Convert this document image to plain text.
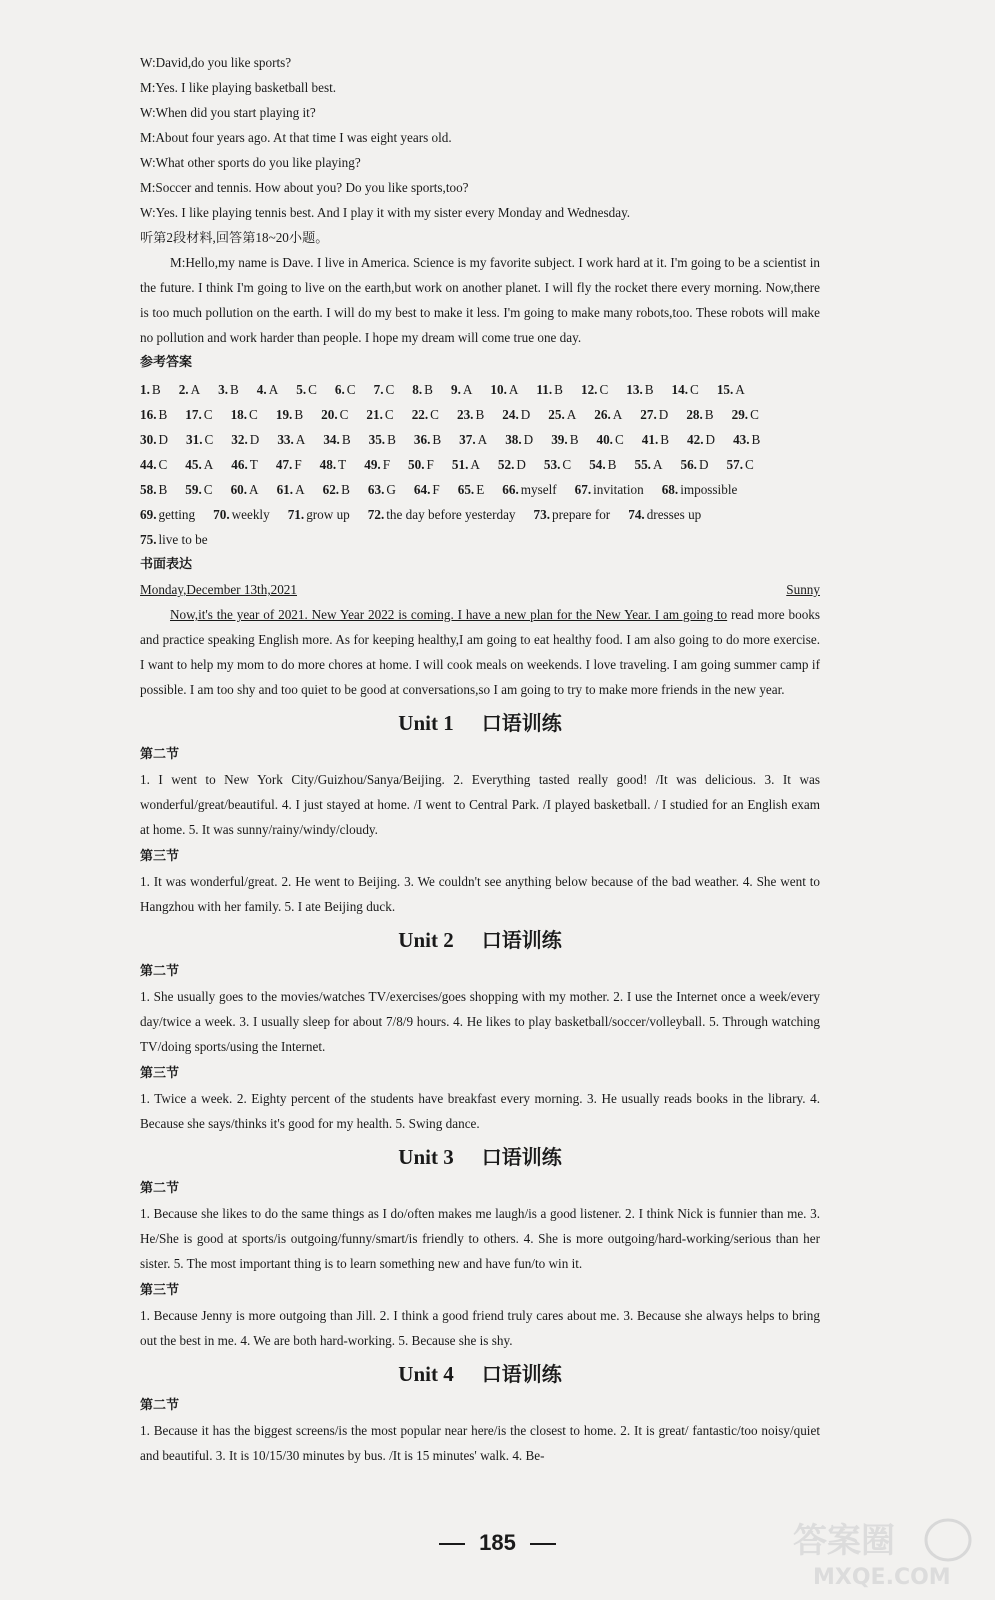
W:David,do you like sports?
M:Yes. I like playing basketball best.
W:When did you start playing it?
M:About four years ago. At that time I was eight years old.
W:What other sports do you like playing?
M:Soccer and tennis. How about you? Do you like sports,too?
W:Yes. I like playing tennis best. And I play it with my sister every Monday and Wednesday.
听第2段材料,回答第18~20小题。
M:Hello,my name is Dave. I live in America. Science is my favorite subject. I work hard at it. I'm going to be a scientist in the future. I think I'm going to live on the earth,but work on another planet. I will fly the rocket there every morning. Now,there is too much pollution on the earth. I will do my best to make it less. I'm going to make many robots,too. These robots will make no pollution and work harder than people. I hope my dream will come true one day.
参考答案
1. B 2. A 3. B 4. A 5. C 6. C 7. C 8. B 9. A 10. A 11. B 12. C 13. B 14. C 15. A
16. B 17. C 18. C 19. B 20. C 21. C 22. C 23. B 24. D 25. A 26. A 27. D 28. B 29. C
30. D 31. C 32. D 33. A 34. B 35. B 36. B 37. A 38. D 39. B 40. C 41. B 42. D 43. B
44. C 45. A 46. T 47. F 48. T 49. F 50. F 51. A 52. D 53. C 54. B 55. A 56. D 57. C
58. B 59. C 60. A 61. A 62. B 63. G 64. F 65. E 66. myself 67. invitation 68. impossible
69. getting 70. weekly 71. grow up 72. the day before yesterday 73. prepare for 74. dresses up
75. live to be
书面表达
Monday,December 13th,2021	Sunny
Now,it's the year of 2021. New Year 2022 is coming. I have a new plan for the New Year. I am going to read more books and practice speaking English more. As for keeping healthy,I am going to eat healthy food. I am also going to do more exercise. I want to help my mom to do more chores at home. I will cook meals on weekends. I love traveling. I am going summer camp if possible. I am too shy and too quiet to be good at conversations,so I am going to try to make more friends in the new year.
Unit 1 口语训练
第二节
1. I went to New York City/Guizhou/Sanya/Beijing. 2. Everything tasted really good! /It was delicious. 3. It was wonderful/great/beautiful. 4. I just stayed at home. /I went to Central Park. /I played basketball. / I studied for an English exam at home. 5. It was sunny/rainy/windy/cloudy.
第三节
1. It was wonderful/great. 2. He went to Beijing. 3. We couldn't see anything below because of the bad weather. 4. She went to Hangzhou with her family. 5. I ate Beijing duck.
Unit 2 口语训练
第二节
1. She usually goes to the movies/watches TV/exercises/goes shopping with my mother. 2. I use the Internet once a week/every day/twice a week. 3. I usually sleep for about 7/8/9 hours. 4. He likes to play basketball/soccer/volleyball. 5. Through watching TV/doing sports/using the Internet.
第三节
1. Twice a week. 2. Eighty percent of the students have breakfast every morning. 3. He usually reads books in the library. 4. Because she says/thinks it's good for my health. 5. Swing dance.
Unit 3 口语训练
第二节
1. Because she likes to do the same things as I do/often makes me laugh/is a good listener. 2. I think Nick is funnier than me. 3. He/She is good at sports/is outgoing/funny/smart/is friendly to others. 4. She is more outgoing/hard-working/serious than her sister. 5. The most important thing is to learn something new and have fun/to win it.
第三节
1. Because Jenny is more outgoing than Jill. 2. I think a good friend truly cares about me. 3. Because she always helps to bring out the best in me. 4. We are both hard-working. 5. Because she is shy.
Unit 4 口语训练
第二节
1. Because it has the biggest screens/is the most popular near here/is the closest to home. 2. It is great/ fantastic/too noisy/quiet and beautiful. 3. It is 10/15/30 minutes by bus. /It is 15 minutes' walk. 4. Be-
185	答案圈
MXQE.COM
